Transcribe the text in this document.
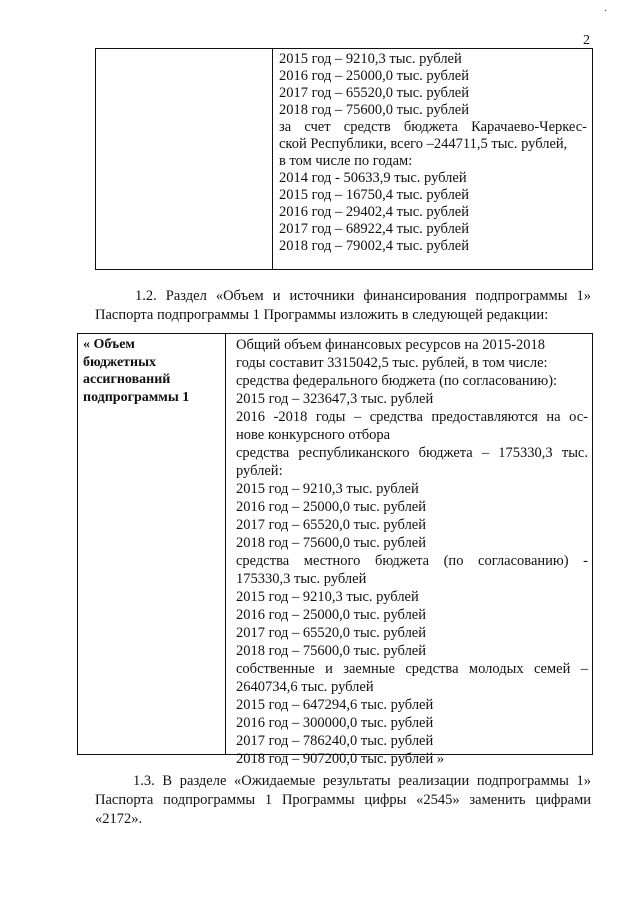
·
2
2015 год – 9210,3 тыс. рублей
2016 год – 25000,0 тыс. рублей
2017 год – 65520,0 тыс. рублей
2018 год – 75600,0 тыс. рублей
за счет средств бюджета Карачаево-Черкес-
ской Республики, всего –244711,5 тыс. рублей,
в том числе по годам:
2014 год - 50633,9 тыс. рублей
2015 год – 16750,4 тыс. рублей
2016 год – 29402,4 тыс. рублей
2017 год – 68922,4 тыс. рублей
2018 год – 79002,4 тыс. рублей
1.2. Раздел «Объем и источники финансирования подпрограммы 1»
Паспорта подпрограммы 1 Программы изложить в следующей редакции:
« Объем
бюджетных
ассигнований
подпрограммы 1
Общий объем финансовых ресурсов на 2015-2018
годы составит 3315042,5 тыс. рублей, в том числе:
средства федерального бюджета (по согласованию):
2015 год – 323647,3 тыс. рублей
2016 -2018 годы – средства предоставляются на ос-
нове конкурсного отбора
средства республиканского бюджета – 175330,3 тыс.
рублей:
2015 год – 9210,3 тыс. рублей
2016 год – 25000,0 тыс. рублей
2017 год – 65520,0 тыс. рублей
2018 год – 75600,0 тыс. рублей
средства местного бюджета (по согласованию) -
175330,3 тыс. рублей
2015 год – 9210,3 тыс. рублей
2016 год – 25000,0 тыс. рублей
2017 год – 65520,0 тыс. рублей
2018 год – 75600,0 тыс. рублей
собственные и заемные средства молодых семей –
2640734,6 тыс. рублей
2015 год – 647294,6 тыс. рублей
2016 год – 300000,0 тыс. рублей
2017 год – 786240,0 тыс. рублей
2018 год – 907200,0 тыс. рублей »
1.3. В разделе «Ожидаемые результаты реализации подпрограммы 1»
Паспорта подпрограммы 1 Программы цифры «2545» заменить цифрами
«2172».
